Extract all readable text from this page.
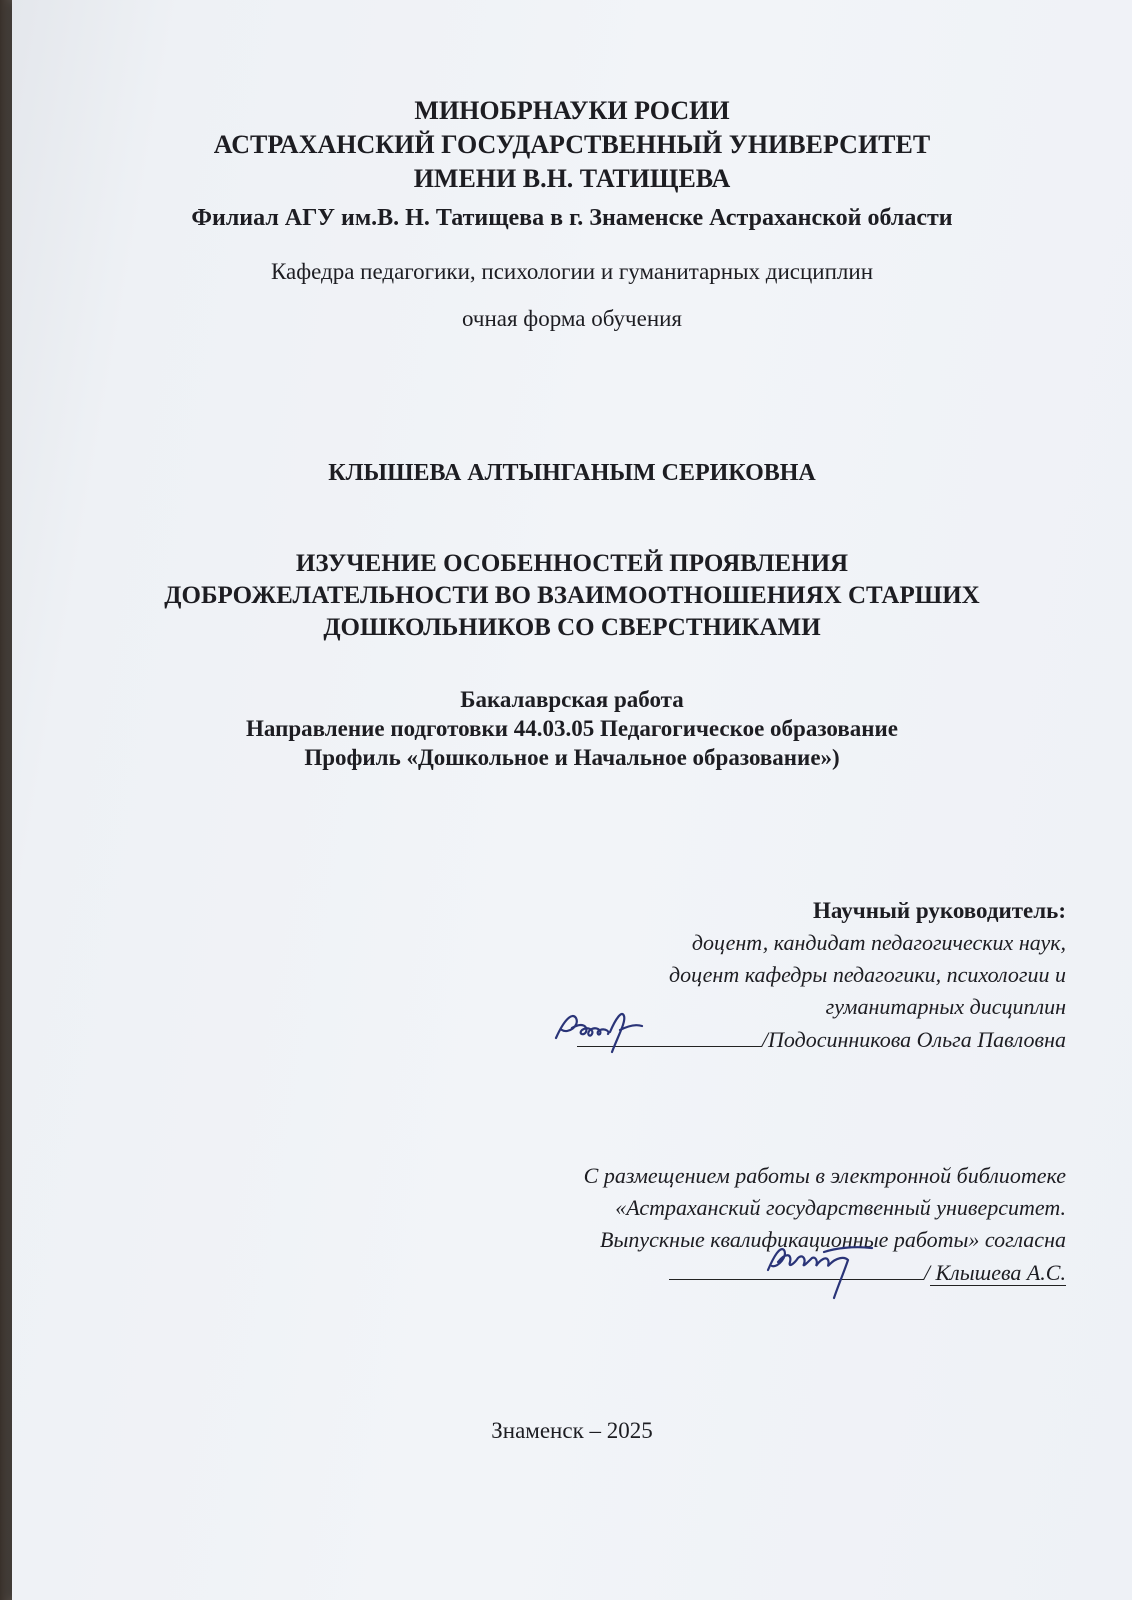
МИНОБРНАУКИ РОСИИ
АСТРАХАНСКИЙ ГОСУДАРСТВЕННЫЙ УНИВЕРСИТЕТ
ИМЕНИ В.Н. ТАТИЩЕВА
Филиал АГУ им.В. Н. Татищева в г. Знаменске Астраханской области
Кафедра педагогики, психологии и гуманитарных дисциплин
очная форма обучения
КЛЫШЕВА АЛТЫНГАНЫМ СЕРИКОВНА
ИЗУЧЕНИЕ ОСОБЕННОСТЕЙ ПРОЯВЛЕНИЯ
ДОБРОЖЕЛАТЕЛЬНОСТИ ВО ВЗАИМООТНОШЕНИЯХ СТАРШИХ
ДОШКОЛЬНИКОВ СО СВЕРСТНИКАМИ
Бакалаврская работа
Направление подготовки 44.03.05 Педагогическое образование
Профиль «Дошкольное и Начальное образование»)
Научный руководитель:
доцент, кандидат педагогических наук,
доцент кафедры педагогики, психологии и
гуманитарных дисциплин
/Подосинникова Ольга Павловна
С размещением работы в электронной библиотеке
«Астраханский государственный университет.
Выпускные квалификационные работы» согласна
/ Клышева А.С.
Знаменск – 2025
